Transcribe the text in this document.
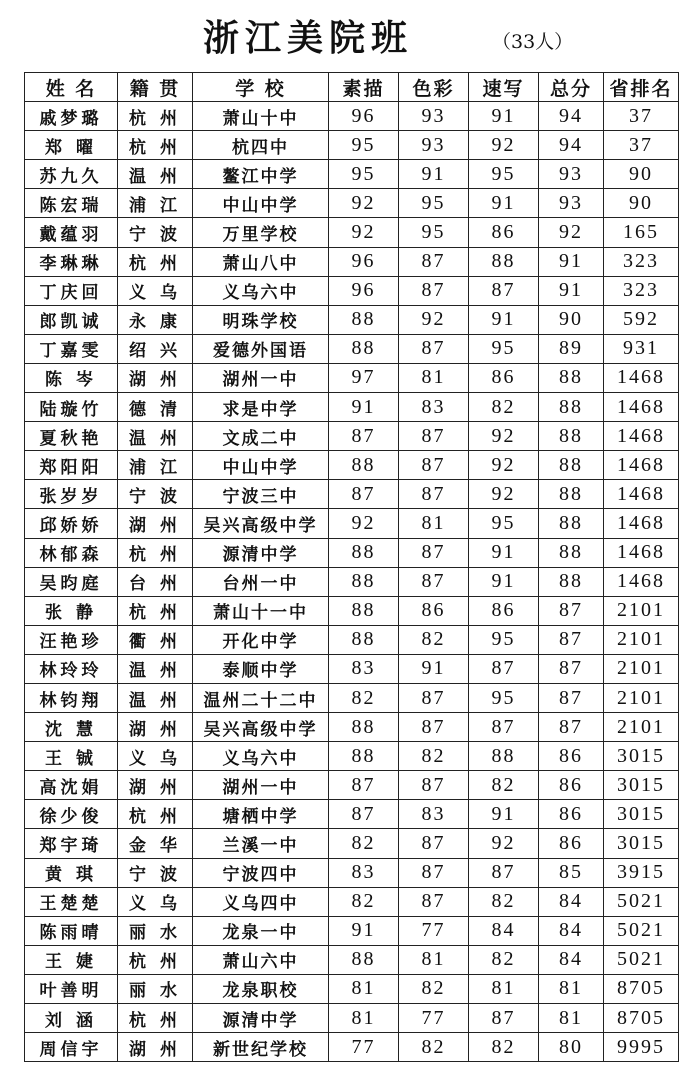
浙江美院班	（33人）
姓 名	籍 贯	学 校	素描	色彩	速写	总分	省排名
戚梦璐	杭 州	萧山十中	96	93	91	94	37
郑 曜	杭 州	杭四中	95	93	92	94	37
苏九久	温 州	鳌江中学	95	91	95	93	90
陈宏瑞	浦 江	中山中学	92	95	91	93	90
戴蕴羽	宁 波	万里学校	92	95	86	92	165
李琳琳	杭 州	萧山八中	96	87	88	91	323
丁庆回	义 乌	义乌六中	96	87	87	91	323
郎凯诚	永 康	明珠学校	88	92	91	90	592
丁嘉雯	绍 兴	爱德外国语	88	87	95	89	931
陈 岑	湖 州	湖州一中	97	81	86	88	1468
陆璇竹	德 清	求是中学	91	83	82	88	1468
夏秋艳	温 州	文成二中	87	87	92	88	1468
郑阳阳	浦 江	中山中学	88	87	92	88	1468
张岁岁	宁 波	宁波三中	87	87	92	88	1468
邱娇娇	湖 州	吴兴高级中学	92	81	95	88	1468
林郁森	杭 州	源清中学	88	87	91	88	1468
吴昀庭	台 州	台州一中	88	87	91	88	1468
张 静	杭 州	萧山十一中	88	86	86	87	2101
汪艳珍	衢 州	开化中学	88	82	95	87	2101
林玲玲	温 州	泰顺中学	83	91	87	87	2101
林钧翔	温 州	温州二十二中	82	87	95	87	2101
沈 慧	湖 州	吴兴高级中学	88	87	87	87	2101
王 铖	义 乌	义乌六中	88	82	88	86	3015
高沈娟	湖 州	湖州一中	87	87	82	86	3015
徐少俊	杭 州	塘栖中学	87	83	91	86	3015
郑宇琦	金 华	兰溪一中	82	87	92	86	3015
黄 琪	宁 波	宁波四中	83	87	87	85	3915
王楚楚	义 乌	义乌四中	82	87	82	84	5021
陈雨晴	丽 水	龙泉一中	91	77	84	84	5021
王 婕	杭 州	萧山六中	88	81	82	84	5021
叶善明	丽 水	龙泉职校	81	82	81	81	8705
刘 涵	杭 州	源清中学	81	77	87	81	8705
周信宇	湖 州	新世纪学校	77	82	82	80	9995
